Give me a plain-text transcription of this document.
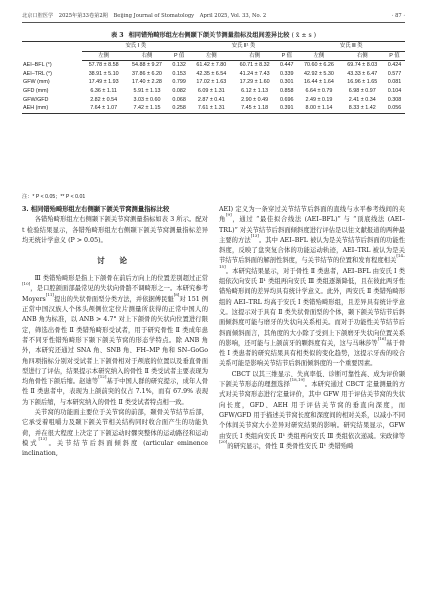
北京口腔医学 2025年第33卷第2期 Beijing Journal of Stomatology April 2025, Vol. 33, No. 2	· 87 ·
表 3 相同错殆畸形组左右侧颞下颌关节测量指标及组间差异比较 ( x̄ ± s )
	安氏 Ⅰ 类			安氏 Ⅱ¹ 类			安氏 Ⅲ 类		
	左侧	右侧	P 值	左侧	右侧	P 值	左侧	右侧	P 值
AEI–BFL (°)	57.78 ± 8.58	54.88 ± 9.27	0.132	61.42 ± 7.80	60.71 ± 8.32	0.447	70.60 ± 6.26	69.74 ± 8.03	0.424
AEI–TRL (°)	38.91 ± 5.10	37.86 ± 6.20	0.153	42.35 ± 6.54	41.24 ± 7.43	0.339	42.92 ± 5.30	43.33 ± 6.47	0.577
GFW (mm)	17.49 ± 1.93	17.40 ± 2.28	0.799	17.02 ± 1.63	17.29 ± 1.60	0.301	16.44 ± 1.64	16.96 ± 1.65	0.081
GFD (mm)	6.36 ± 1.11	5.91 ± 1.13	0.082	6.09 ± 1.31	6.12 ± 1.13	0.858	6.64 ± 0.79	6.98 ± 0.97	0.104
GFW/GFD	2.82 ± 0.54	3.03 ± 0.60	0.068	2.87 ± 0.41	2.90 ± 0.49	0.696	2.49 ± 0.19	2.41 ± 0.34	0.308
AEH (mm)	7.64 ± 1.07	7.42 ± 1.15	0.258	7.61 ± 1.31	7.45 ± 1.18	0.391	8.00 ± 1.14	8.33 ± 1.42	0.056
注：* P < 0.05；** P < 0.01

3. 相同错殆畸形组左右侧颞下颌关节窝测量指标比较

各错殆畸形组左右侧颞下颌关节窝测量指标如表 3 所示。配对 t 检验结果显示，各错殆畸形组左右侧颞下颌关节窝测量指标差异均无统计学意义 (P > 0.05)。

讨 论

Ⅲ 类错殆畸形是指上下颌骨在前后方向上的位置差别超过正常[10]，是口腔颌面部最常见的失状向骨骼不调畸形之一。本研究参考 Moyers[11]提出的失状骨面型分类方法，并依据傅民魁[8]对 151 例正常中国汉族人个体头颅侧位定位片测量所获得的正常中国人的 ANB 角为标准，以 ANB > 4.7° 对上下颌骨的矢状向位置进行限定，筛选出骨性 Ⅱ 类错殆畸形受试者，用于研究骨性 Ⅱ 类成年患者不同牙性错殆畸形下颞下颌关节窝的形态学特点。除 ANB 角外，本研究还通过 SNA 角、SNB 角、FH–MP 角和 SN–GoGo 角四项指标分别对受试者上下颌骨相对于颅底的位置以及垂直骨面型进行了评估，结果提示本研究纳入的骨性 Ⅱ 类受试者主要表现为均角骨性下颌后缩。赵迪等[12]基于中国人群的研究提示，成年人骨性 Ⅱ 类患者中，表现为上颌前突的仅占 7.1%，而有 67.9% 表现为下颌后缩，与本研究纳入的骨性 Ⅱ 类受试者特点相一致。

关节窝的功能面主要位于关节窝的前部，颞骨关节结节后部，它承受着咀嚼力及颞下颌关节相关结构同时收合面产生的功能负荷，并在很大程度上决定了下颌运动时髁突整体的运动路径和运动模式[13]。关节结节后斜面倾斜度 (articular eminence inclination,

AEI) 定义为一条穿过关节结节后斜面的直线与水平参考线间的夹角[9]，通过 “最佳拟合线法 (AEI–BFL)” 与 “顶底线法 (AEI–TRL)” 对关节结节后斜面倾斜度进行评估是以往文献报道的两种最主要的方法[13]。其中 AEI–BFL 被认为是关节结节后斜面的功能性斜度，反映了盘突复合体的功能运动轨迹，AEI–TRL 被认为是关节结节后斜面的解剖性斜度，与关节结节的位置和发育程度相关[14–15]。本研究结果显示，对于骨性 Ⅱ 类患者，AEI–BFL 由安氏 Ⅰ 类组依次向安氏 Ⅱ¹ 类组再向安氏 Ⅲ 类组逐渐降低，且在彼此两牙性错殆畸形间的差异均具有统计学意义。此外，两安氏 Ⅱ 类错殆畸形组的 AEI–TRL 均高于安氏 Ⅰ 类错殆畸形组，且差异具有统计学意义。这提示对于具有 Ⅱ 类失状骨面型的个体，颞下颌关节结节后斜面倾斜度可能与磨牙的失状向关系相关。而对于功能性关节结节后斜面倾斜面言，其角度的大小除了受到上下颌磨牙失状向位置关系的影响，还可能与上颌前牙的颗斜度有关，这与马琳莎等[16]基于骨性 Ⅰ 类患者的研究结果具有相类似的变化趋势，这提示牙齿的咬合关系可能是影响关节结节后斜面倾斜度的一个重要因素。

CBCT 以其三维显示、失真率低、诊断可靠性高、成为评价颞下颌关节形态的理想选择[18,19]。本研究通过 CBCT 定量测量的方式对关节窝形态进行定量评价，其中 GFW 用于评估关节窝的失状向长度，GFD、AEH 用于评估关节窝的垂直向深度，而 GFW/GFD 用于描述关节窝长度和深度间的相对关系，以减小不同个体间关节窝大小差异对研究结果的影响。研究结果显示，GFW 由安氏 Ⅰ 类组向安氏 Ⅱ¹ 类组再向安氏 Ⅲ 类组依次递减。宋政律等[20]的研究显示，骨性 Ⅱ 类骨性安氏 Ⅱ¹ 类错殆畸
